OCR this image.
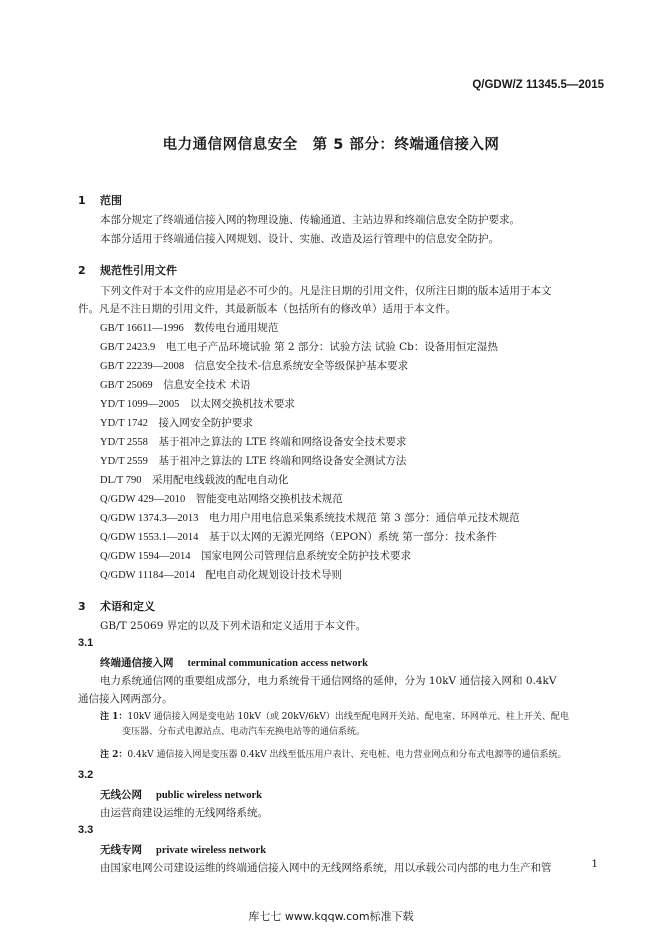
Q/GDW/Z 11345.5—2015
电力通信网信息安全　第 5 部分：终端通信接入网
1 范围
本部分规定了终端通信接入网的物理设施、传输通道、主站边界和终端信息安全防护要求。
本部分适用于终端通信接入网规划、设计、实施、改造及运行管理中的信息安全防护。
2 规范性引用文件
下列文件对于本文件的应用是必不可少的。凡是注日期的引用文件，仅所注日期的版本适用于本文
件。凡是不注日期的引用文件，其最新版本（包括所有的修改单）适用于本文件。
GB/T 16611—1996  数传电台通用规范
GB/T 2423.9  电工电子产品环境试验 第 2 部分：试验方法 试验 Cb：设备用恒定湿热
GB/T 22239—2008  信息安全技术-信息系统安全等级保护基本要求
GB/T 25069  信息安全技术 术语
YD/T 1099—2005  以太网交换机技术要求
YD/T 1742  接入网安全防护要求
YD/T 2558  基于祖冲之算法的 LTE 终端和网络设备安全技术要求
YD/T 2559  基于祖冲之算法的 LTE 终端和网络设备安全测试方法
DL/T 790  采用配电线载波的配电自动化
Q/GDW 429—2010  智能变电站网络交换机技术规范
Q/GDW 1374.3—2013  电力用户用电信息采集系统技术规范 第 3 部分：通信单元技术规范
Q/GDW 1553.1—2014  基于以太网的无源光网络（EPON）系统 第一部分：技术条件
Q/GDW 1594—2014  国家电网公司管理信息系统安全防护技术要求
Q/GDW 11184—2014  配电自动化规划设计技术导则
3 术语和定义
GB/T 25069 界定的以及下列术语和定义适用于本文件。
3.1
终端通信接入网 terminal communication access network
电力系统通信网的重要组成部分，电力系统骨干通信网络的延伸，分为 10kV 通信接入网和 0.4kV
通信接入网两部分。
注 1：10kV 通信接入网是变电站 10kV（或 20kV/6kV）出线至配电网开关站、配电室、环网单元、柱上开关、配电
变压器、分布式电源站点、电动汽车充换电站等的通信系统。
注 2：0.4kV 通信接入网是变压器 0.4kV 出线至低压用户表计、充电桩、电力营业网点和分布式电源等的通信系统。
3.2
无线公网 public wireless network
由运营商建设运维的无线网络系统。
3.3
无线专网 private wireless network
由国家电网公司建设运维的终端通信接入网中的无线网络系统，用以承载公司内部的电力生产和管	1
库七七 www.kqqw.com标准下载
